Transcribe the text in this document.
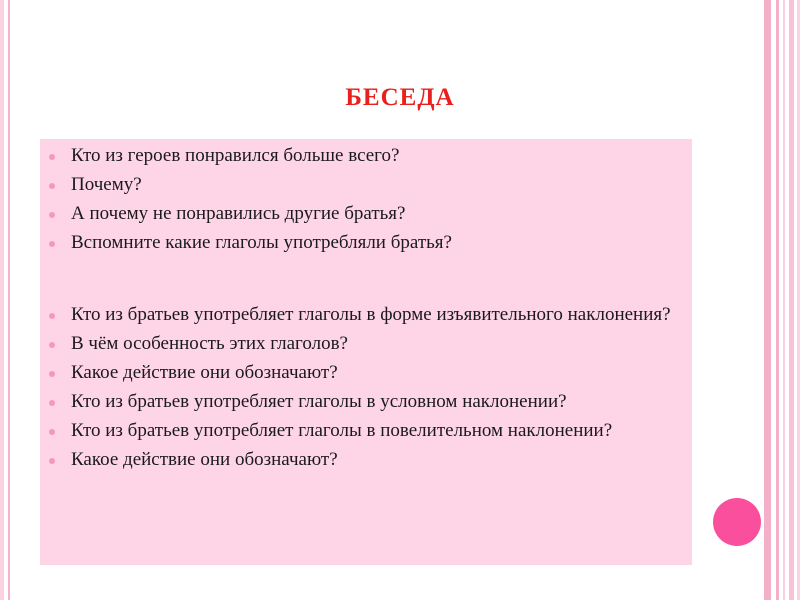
БЕСЕДА
Кто из героев понравился больше всего?
Почему?
А почему не понравились другие братья?
Вспомните какие глаголы употребляли братья?
Кто из братьев употребляет глаголы в форме изъявительного наклонения?
В чём особенность этих глаголов?
Какое действие они обозначают?
Кто из братьев употребляет глаголы в условном наклонении?
Кто из братьев употребляет глаголы в повелительном наклонении?
Какое действие они обозначают?
